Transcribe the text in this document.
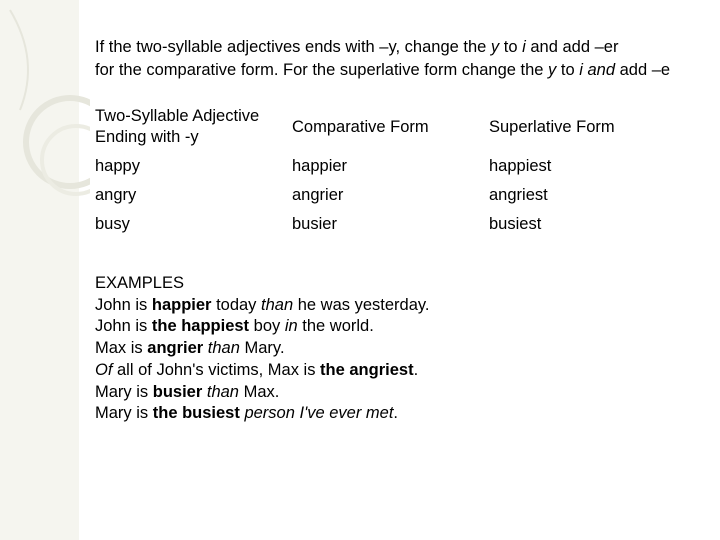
If the two-syllable adjectives ends with –y, change the y to i and add –er
for the comparative form. For the superlative form change the y to i and add –e
Two-Syllable Adjective
Ending with -y	Comparative Form	Superlative Form
happy	happier	happiest
angry	angrier	angriest
busy	busier	busiest
EXAMPLES
John is happier today than he was yesterday.
John is the happiest boy in the world.
Max is angrier than Mary.
Of all of John's victims, Max is the angriest.
Mary is busier than Max.
Mary is the busiest person I've ever met.
